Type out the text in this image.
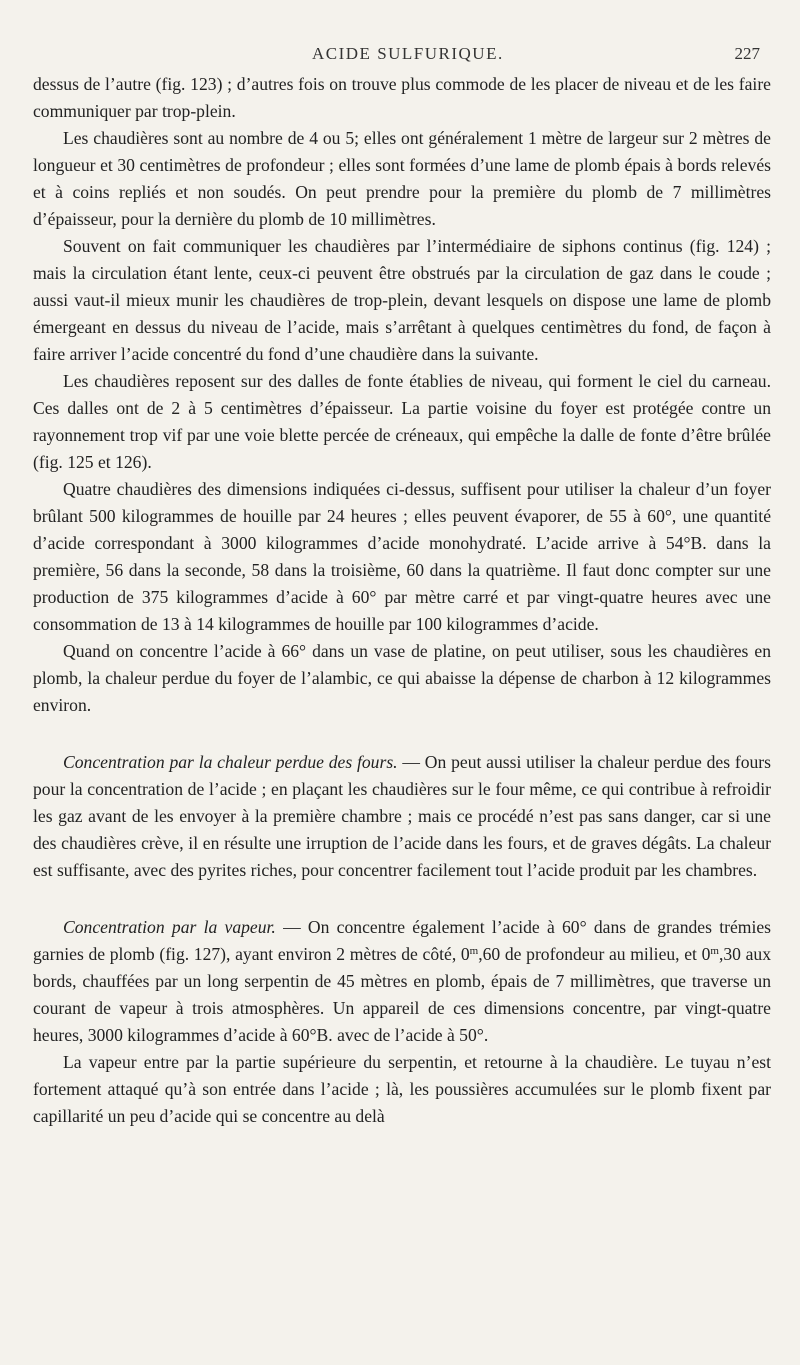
ACIDE SULFURIQUE.	227

dessus de l’autre (fig. 123) ; d’autres fois on trouve plus commode de les placer de niveau et de les faire communiquer par trop-plein.

Les chaudières sont au nombre de 4 ou 5; elles ont généralement 1 mètre de largeur sur 2 mètres de longueur et 30 centimètres de profondeur ; elles sont formées d’une lame de plomb épais à bords relevés et à coins repliés et non soudés. On peut prendre pour la première du plomb de 7 millimètres d’épaisseur, pour la dernière du plomb de 10 millimètres.

Souvent on fait communiquer les chaudières par l’intermédiaire de siphons continus (fig. 124) ; mais la circulation étant lente, ceux-ci peuvent être obstrués par la circulation de gaz dans le coude ; aussi vaut-il mieux munir les chaudières de trop-plein, devant lesquels on dispose une lame de plomb émergeant en dessus du niveau de l’acide, mais s’arrêtant à quelques centimètres du fond, de façon à faire arriver l’acide concentré du fond d’une chaudière dans la suivante.

Les chaudières reposent sur des dalles de fonte établies de niveau, qui forment le ciel du carneau. Ces dalles ont de 2 à 5 centimètres d’épaisseur. La partie voisine du foyer est protégée contre un rayonnement trop vif par une voie blette percée de créneaux, qui empêche la dalle de fonte d’être brûlée (fig. 125 et 126).

Quatre chaudières des dimensions indiquées ci-dessus, suffisent pour utiliser la chaleur d’un foyer brûlant 500 kilogrammes de houille par 24 heures ; elles peuvent évaporer, de 55 à 60°, une quantité d’acide correspondant à 3000 kilogrammes d’acide monohydraté. L’acide arrive à 54°B. dans la première, 56 dans la seconde, 58 dans la troisième, 60 dans la quatrième. Il faut donc compter sur une production de 375 kilogrammes d’acide à 60° par mètre carré et par vingt-quatre heures avec une consommation de 13 à 14 kilogrammes de houille par 100 kilogrammes d’acide.

Quand on concentre l’acide à 66° dans un vase de platine, on peut utiliser, sous les chaudières en plomb, la chaleur perdue du foyer de l’alambic, ce qui abaisse la dépense de charbon à 12 kilogrammes environ.

Concentration par la chaleur perdue des fours. — On peut aussi utiliser la chaleur perdue des fours pour la concentration de l’acide ; en plaçant les chaudières sur le four même, ce qui contribue à refroidir les gaz avant de les envoyer à la première chambre ; mais ce procédé n’est pas sans danger, car si une des chaudières crève, il en résulte une irruption de l’acide dans les fours, et de graves dégâts. La chaleur est suffisante, avec des pyrites riches, pour concentrer facilement tout l’acide produit par les chambres.

Concentration par la vapeur. — On concentre également l’acide à 60° dans de grandes trémies garnies de plomb (fig. 127), ayant environ 2 mètres de côté, 0$^m$,60 de profondeur au milieu, et 0$^m$,30 aux bords, chauffées par un long serpentin de 45 mètres en plomb, épais de 7 millimètres, que traverse un courant de vapeur à trois atmosphères. Un appareil de ces dimensions concentre, par vingt-quatre heures, 3000 kilogrammes d’acide à 60°B. avec de l’acide à 50°.

La vapeur entre par la partie supérieure du serpentin, et retourne à la chaudière. Le tuyau n’est fortement attaqué qu’à son entrée dans l’acide ; là, les poussières accumulées sur le plomb fixent par capillarité un peu d’acide qui se concentre au delà
